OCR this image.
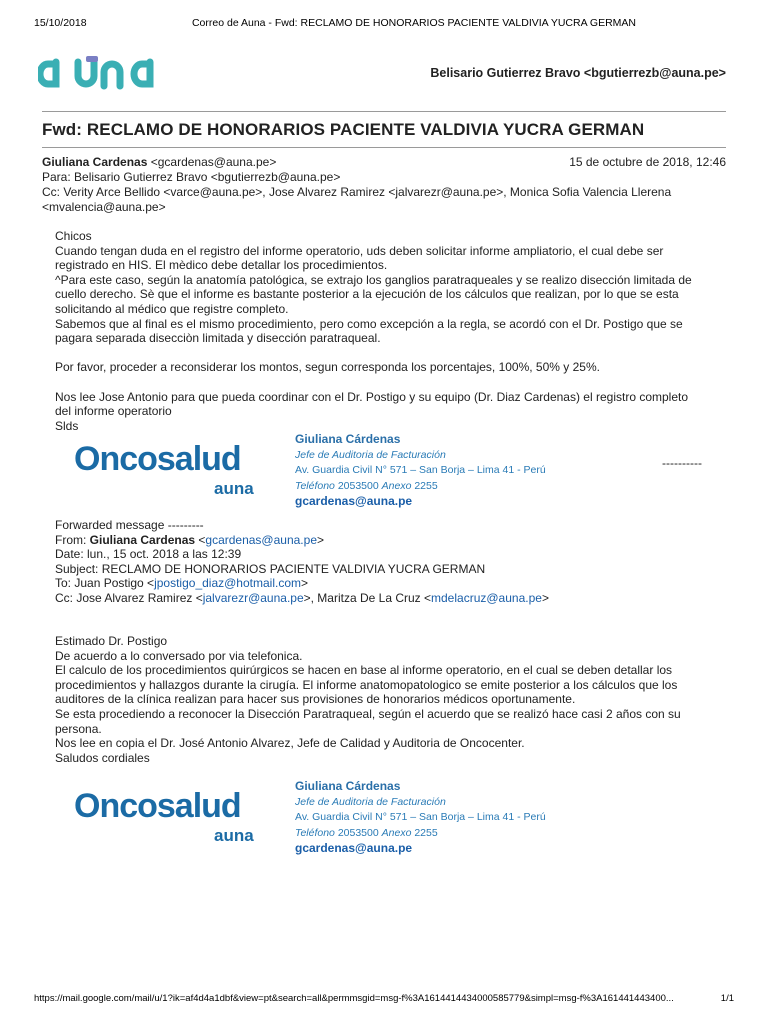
15/10/2018	Correo de Auna - Fwd: RECLAMO DE HONORARIOS PACIENTE VALDIVIA YUCRA GERMAN
Belisario Gutierrez Bravo <bgutierrezb@auna.pe>
Fwd: RECLAMO DE HONORARIOS PACIENTE VALDIVIA YUCRA GERMAN
Giuliana Cardenas <gcardenas@auna.pe>	15 de octubre de 2018, 12:46
Para: Belisario Gutierrez Bravo <bgutierrezb@auna.pe>
Cc: Verity Arce Bellido <varce@auna.pe>, Jose Alvarez Ramirez <jalvarezr@auna.pe>, Monica Sofia Valencia Llerena
<mvalencia@auna.pe>

Chicos

Cuando tengan duda en el registro del informe operatorio, uds deben solicitar informe ampliatorio, el cual debe ser

registrado en HIS. El mèdico debe detallar los procedimientos.

^Para este caso, según la anatomía patológica, se extrajo los ganglios paratraqueales y se realizo disección limitada de

cuello derecho. Sè que el informe es bastante posterior a la ejecución de los cálculos que realizan, por lo que se esta

solicitando al médico que registre completo.

Sabemos que al final es el mismo procedimiento, pero como excepción a la regla, se acordó con el Dr. Postigo que se

pagara separada disecciòn limitada y disección paratraqueal.

Por favor, proceder a reconsiderar los montos, segun corresponda los porcentajes, 100%, 50% y 25%.

Nos lee Jose Antonio para que pueda coordinar con el Dr. Postigo y su equipo (Dr. Diaz Cardenas) el registro completo

del informe operatorio

Slds

Oncosalud
auna
Giuliana Cárdenas
Jefe de Auditoria de Facturación
Av. Guardia Civil N° 571 – San Borja – Lima 41 - Perú
Teléfono 2053500 Anexo 2255
gcardenas@auna.pe
----------
Forwarded message ---------
From: Giuliana Cardenas <gcardenas@auna.pe>
Date: lun., 15 oct. 2018 a las 12:39
Subject: RECLAMO DE HONORARIOS PACIENTE VALDIVIA YUCRA GERMAN
To: Juan Postigo <jpostigo_diaz@hotmail.com>
Cc: Jose Alvarez Ramirez <jalvarezr@auna.pe>, Maritza De La Cruz <mdelacruz@auna.pe>

Estimado Dr. Postigo

De acuerdo a lo conversado por via telefonica.

El calculo de los procedimientos quirúrgicos se hacen en base al informe operatorio, en el cual se deben detallar los

procedimientos y hallazgos durante la cirugía. El informe anatomopatologico se emite posterior a los cálculos que los

auditores de la clínica realizan para hacer sus provisiones de honorarios médicos oportunamente.

Se esta procediendo a reconocer la Disección Paratraqueal, según el acuerdo que se realizó hace casi 2 años con su

persona.

Nos lee en copia el Dr. José Antonio Alvarez, Jefe de Calidad y Auditoria de Oncocenter.

Saludos cordiales

Oncosalud
auna
Giuliana Cárdenas
Jefe de Auditoria de Facturación
Av. Guardia Civil N° 571 – San Borja – Lima 41 - Perú
Teléfono 2053500 Anexo 2255
gcardenas@auna.pe
https://mail.google.com/mail/u/1?ik=af4d4a1dbf&view=pt&search=all&permmsgid=msg-f%3A1614414434000585779&simpl=msg-f%3A161441443400...	1/1
